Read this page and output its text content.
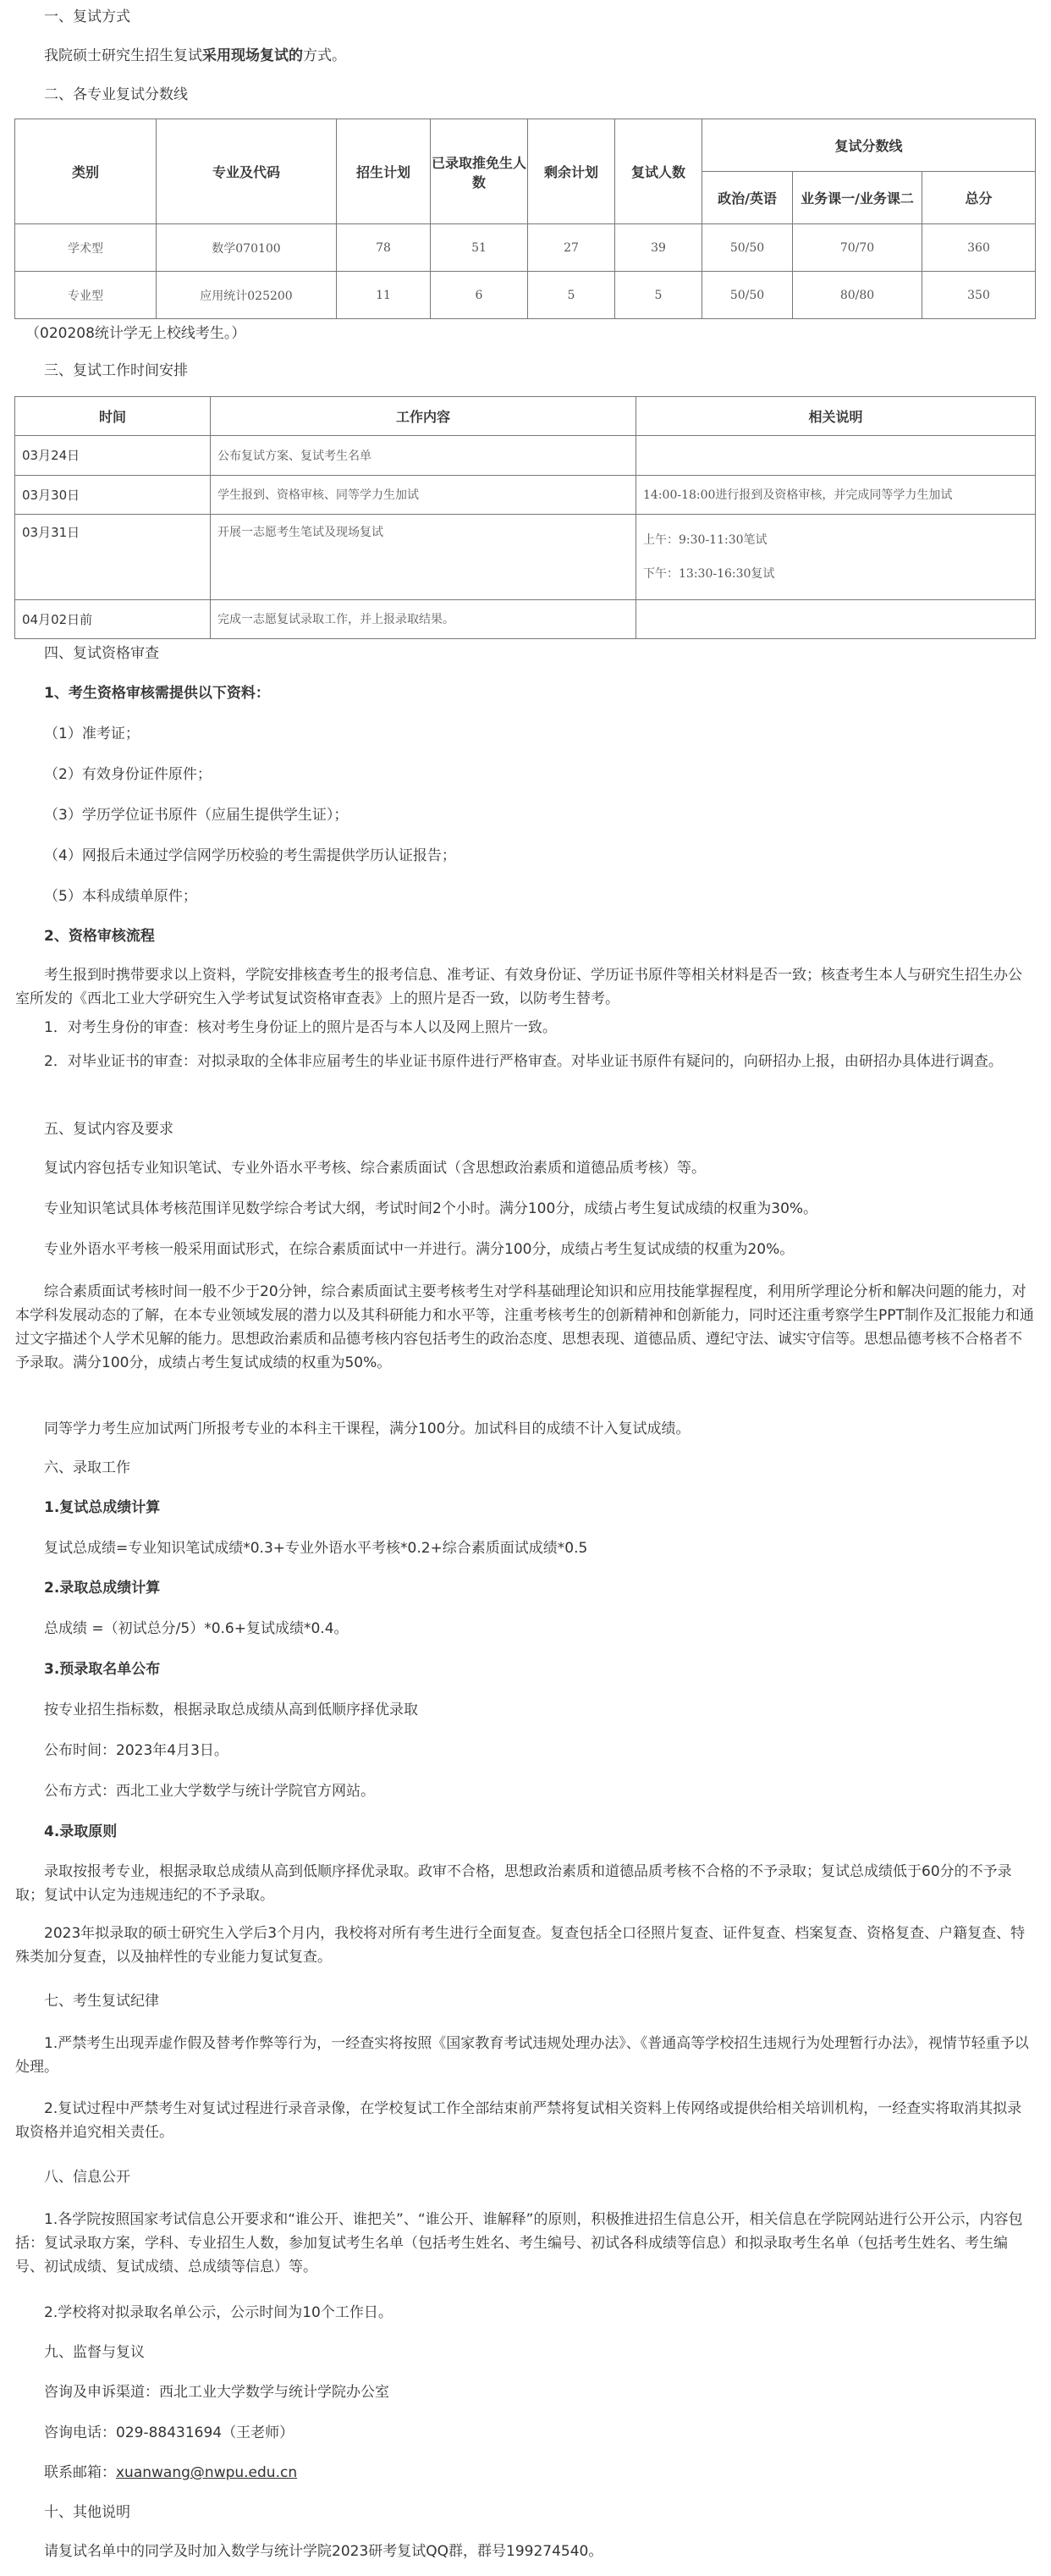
一、复试方式

我院硕士研究生招生复试采用现场复试的方式。

二、各专业复试分数线

类别	专业及代码	招生计划	已录取推免生人数	剩余计划	复试人数	复试分数线		
						政治/英语	业务课一/业务课二	总分
学术型	数学070100	78	51	27	39	50/50	70/70	360
专业型	应用统计025200	11	6	5	5	50/50	80/80	350

（020208统计学无上校线考生。）

三、复试工作时间安排

时间	工作内容	相关说明
03月24日	公布复试方案、复试考生名单	
03月30日	学生报到、资格审核、同等学力生加试	14:00-18:00进行报到及资格审核，并完成同等学力生加试
03月31日	开展一志愿考生笔试及现场复试	上午：9:30-11:30笔试
下午：13:30-16:30复试

04月02日前	完成一志愿复试录取工作，并上报录取结果。	

四、复试资格审查

1、考生资格审核需提供以下资料：

（1）准考证；

（2）有效身份证件原件；

（3）学历学位证书原件（应届生提供学生证）；

（4）网报后未通过学信网学历校验的考生需提供学历认证报告；

（5）本科成绩单原件；

2、资格审核流程

考生报到时携带要求以上资料，学院安排核查考生的报考信息、准考证、有效身份证、学历证书原件等相关材料是否一致；核查考生本人与研究生招生办公室所发的《西北工业大学研究生入学考试复试资格审查表》上的照片是否一致，以防考生替考。

1．对考生身份的审查：核对考生身份证上的照片是否与本人以及网上照片一致。

2．对毕业证书的审查：对拟录取的全体非应届考生的毕业证书原件进行严格审查。对毕业证书原件有疑问的，向研招办上报，由研招办具体进行调查。

五、复试内容及要求

复试内容包括专业知识笔试、专业外语水平考核、综合素质面试（含思想政治素质和道德品质考核）等。

专业知识笔试具体考核范围详见数学综合考试大纲，考试时间2个小时。满分100分，成绩占考生复试成绩的权重为30%。

专业外语水平考核一般采用面试形式，在综合素质面试中一并进行。满分100分，成绩占考生复试成绩的权重为20%。

综合素质面试考核时间一般不少于20分钟，综合素质面试主要考核考生对学科基础理论知识和应用技能掌握程度，利用所学理论分析和解决问题的能力，对本学科发展动态的了解，在本专业领域发展的潜力以及其科研能力和水平等，注重考核考生的创新精神和创新能力，同时还注重考察学生PPT制作及汇报能力和通过文字描述个人学术见解的能力。思想政治素质和品德考核内容包括考生的政治态度、思想表现、道德品质、遵纪守法、诚实守信等。思想品德考核不合格者不予录取。满分100分，成绩占考生复试成绩的权重为50%。

同等学力考生应加试两门所报考专业的本科主干课程，满分100分。加试科目的成绩不计入复试成绩。

六、录取工作

1.复试总成绩计算

复试总成绩=专业知识笔试成绩*0.3+专业外语水平考核*0.2+综合素质面试成绩*0.5

2.录取总成绩计算

总成绩 =（初试总分/5）*0.6+复试成绩*0.4。

3.预录取名单公布

按专业招生指标数，根据录取总成绩从高到低顺序择优录取

公布时间：2023年4月3日。

公布方式：西北工业大学数学与统计学院官方网站。

4.录取原则

录取按报考专业，根据录取总成绩从高到低顺序择优录取。政审不合格，思想政治素质和道德品质考核不合格的不予录取；复试总成绩低于60分的不予录取；复试中认定为违规违纪的不予录取。

2023年拟录取的硕士研究生入学后3个月内，我校将对所有考生进行全面复查。复查包括全口径照片复查、证件复查、档案复查、资格复查、户籍复查、特殊类加分复查，以及抽样性的专业能力复试复查。

七、考生复试纪律

1.严禁考生出现弄虚作假及替考作弊等行为，一经查实将按照《国家教育考试违规处理办法》、《普通高等学校招生违规行为处理暂行办法》，视情节轻重予以处理。

2.复试过程中严禁考生对复试过程进行录音录像，在学校复试工作全部结束前严禁将复试相关资料上传网络或提供给相关培训机构，一经查实将取消其拟录取资格并追究相关责任。

八、信息公开

1.各学院按照国家考试信息公开要求和“谁公开、谁把关”、“谁公开、谁解释”的原则，积极推进招生信息公开，相关信息在学院网站进行公开公示，内容包括：复试录取方案，学科、专业招生人数，参加复试考生名单（包括考生姓名、考生编号、初试各科成绩等信息）和拟录取考生名单（包括考生姓名、考生编号、初试成绩、复试成绩、总成绩等信息）等。

2.学校将对拟录取名单公示，公示时间为10个工作日。

九、监督与复议

咨询及申诉渠道：西北工业大学数学与统计学院办公室

咨询电话：029-88431694（王老师）

联系邮箱：xuanwang@nwpu.edu.cn

十、其他说明

请复试名单中的同学及时加入数学与统计学院2023研考复试QQ群，群号199274540。
